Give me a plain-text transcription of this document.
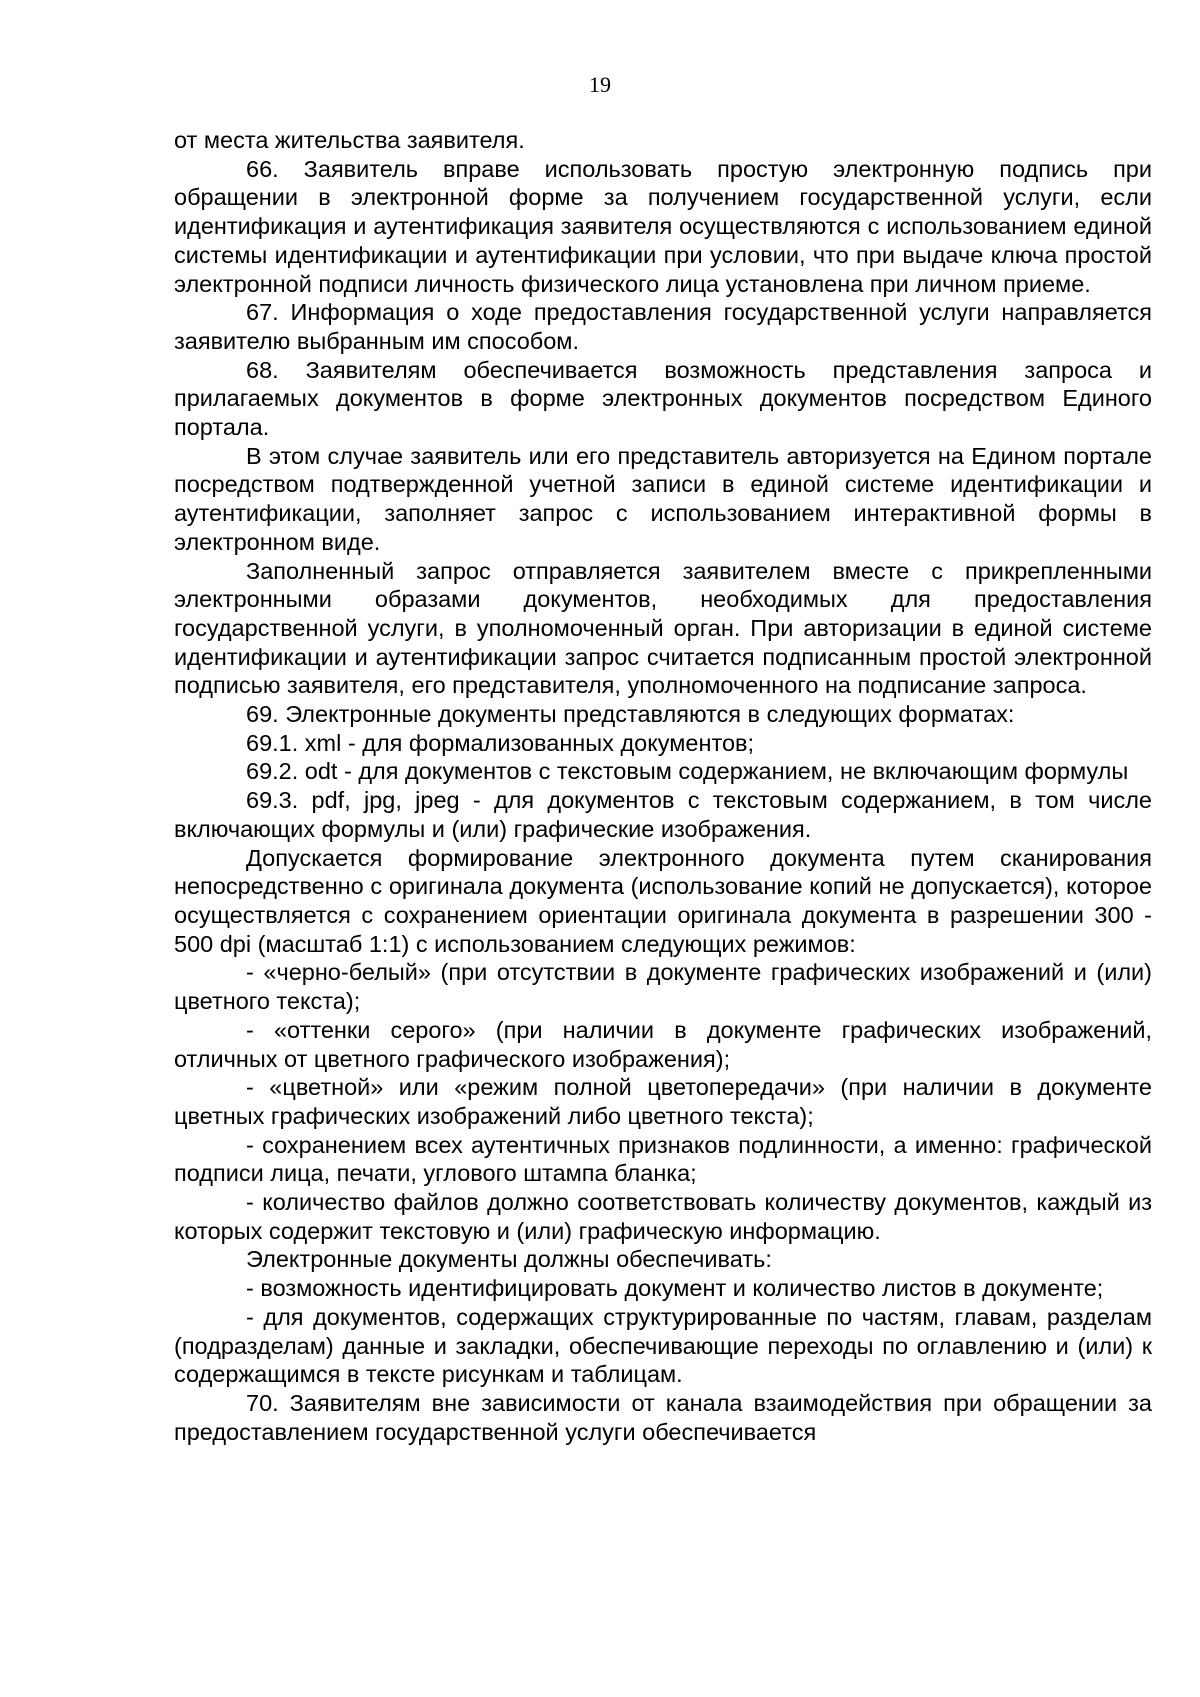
19

от места жительства заявителя.

66. Заявитель вправе использовать простую электронную подпись при обращении в электронной форме за получением государственной услуги, если идентификация и аутентификация заявителя осуществляются с использованием единой системы идентификации и аутентификации при условии, что при выдаче ключа простой электронной подписи личность физического лица установлена при личном приеме.

67. Информация о ходе предоставления государственной услуги направляется заявителю выбранным им способом.

68. Заявителям обеспечивается возможность представления запроса и прилагаемых документов в форме электронных документов посредством Единого портала.

В этом случае заявитель или его представитель авторизуется на Едином портале посредством подтвержденной учетной записи в единой системе идентификации и аутентификации, заполняет запрос с использованием интерактивной формы в электронном виде.

Заполненный запрос отправляется заявителем вместе с прикрепленными электронными образами документов, необходимых для предоставления государственной услуги, в уполномоченный орган. При авторизации в единой системе идентификации и аутентификации запрос считается подписанным простой электронной подписью заявителя, его представителя, уполномоченного на подписание запроса.

69. Электронные документы представляются в следующих форматах:

69.1. xml - для формализованных документов;

69.2. odt - для документов с текстовым содержанием, не включающим формулы

69.3. pdf, jpg, jpeg - для документов с текстовым содержанием, в том числе включающих формулы и (или) графические изображения.

Допускается формирование электронного документа путем сканирования непосредственно с оригинала документа (использование копий не допускается), которое осуществляется с сохранением ориентации оригинала документа в разрешении 300 - 500 dpi (масштаб 1:1) с использованием следующих режимов:

- «черно-белый» (при отсутствии в документе графических изображений и (или) цветного текста);

- «оттенки серого» (при наличии в документе графических изображений, отличных от цветного графического изображения);

- «цветной» или «режим полной цветопередачи» (при наличии в документе цветных графических изображений либо цветного текста);

- сохранением всех аутентичных признаков подлинности, а именно: графической подписи лица, печати, углового штампа бланка;

- количество файлов должно соответствовать количеству документов, каждый из которых содержит текстовую и (или) графическую информацию.

Электронные документы должны обеспечивать:

- возможность идентифицировать документ и количество листов в документе;

- для документов, содержащих структурированные по частям, главам, разделам (подразделам) данные и закладки, обеспечивающие переходы по оглавлению и (или) к содержащимся в тексте рисункам и таблицам.

70. Заявителям вне зависимости от канала взаимодействия при обращении за предоставлением государственной услуги обеспечивается
